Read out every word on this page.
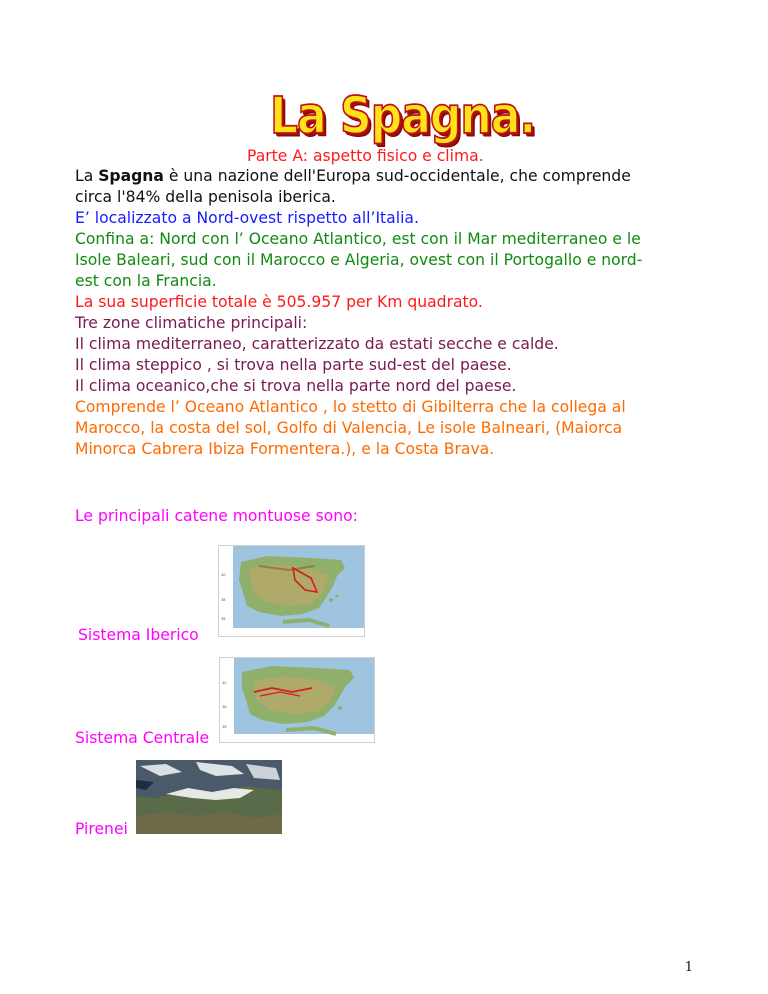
La Spagna.
Parte A: aspetto fisico e clima.
La Spagna è una nazione dell'Europa sud-occidentale, che comprende
circa l'84% della penisola iberica.
E’ localizzato a Nord-ovest rispetto all’Italia.
Confina a: Nord con l’ Oceano Atlantico, est con il Mar mediterraneo e le
Isole Baleari, sud con il Marocco e Algeria, ovest con il Portogallo e nord-
est con la Francia.
La sua superficie totale è 505.957 per Km quadrato.
Tre zone climatiche principali:
Il clima mediterraneo, caratterizzato da estati secche e calde.
Il clima steppico , si trova nella parte sud-est del paese.
Il clima oceanico,che si trova nella parte nord del paese.
Comprende l’ Oceano Atlantico , lo stetto di Gibilterra che la collega al
Marocco, la costa del sol, Golfo di Valencia, Le isole Balneari, (Maiorca
Minorca Cabrera Ibiza Formentera.), e la Costa Brava.
Le principali catene montuose sono:
40
38
36
Sistema Iberico
40
38
36
Sistema Centrale
Pirenei
1
